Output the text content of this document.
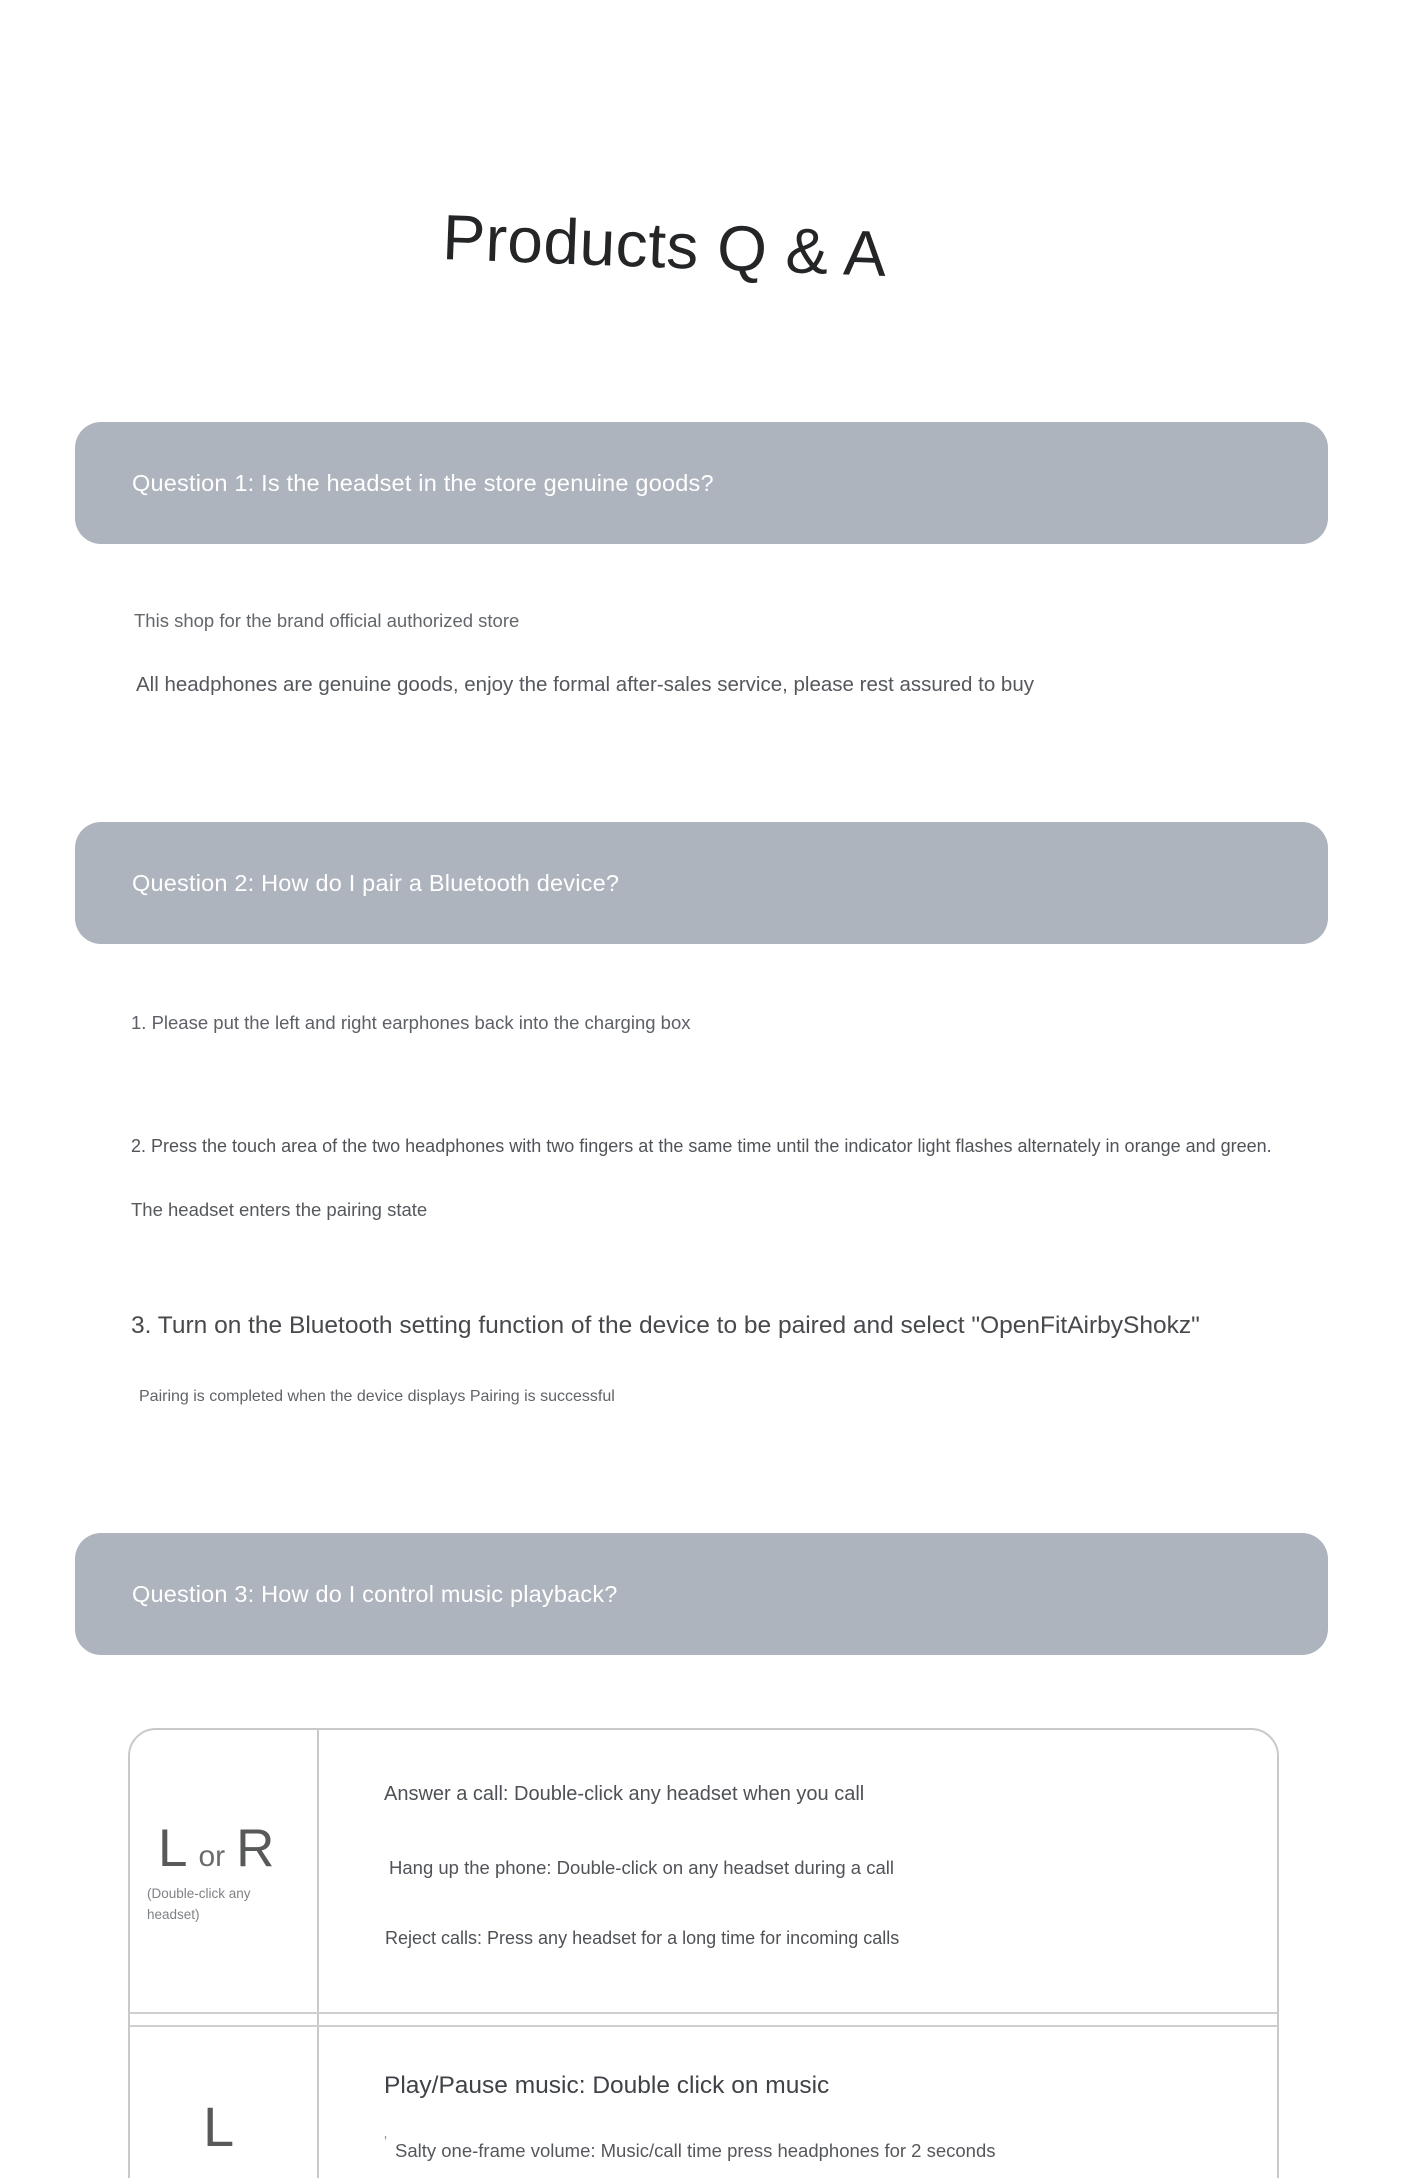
Products Q & A
Question 1: Is the headset in the store genuine goods?

This shop for the brand official authorized store

All headphones are genuine goods, enjoy the formal after-sales service, please rest assured to buy

Question 2: How do I pair a Bluetooth device?

1. Please put the left and right earphones back into the charging box

2. Press the touch area of the two headphones with two fingers at the same time until the indicator light flashes alternately in orange and green.

The headset enters the pairing state

3. Turn on the Bluetooth setting function of the device to be paired and select "OpenFitAirbyShokz"

Pairing is completed when the device displays Pairing is successful

Question 3: How do I control music playback?
L or R

(Double-click any headset)

Answer a call: Double-click any headset when you call

Hang up the phone: Double-click on any headset during a call

Reject calls: Press any headset for a long time for incoming calls

L

Play/Pause music: Double click on music

' Salty one-frame volume: Music/call time press headphones for 2 seconds
